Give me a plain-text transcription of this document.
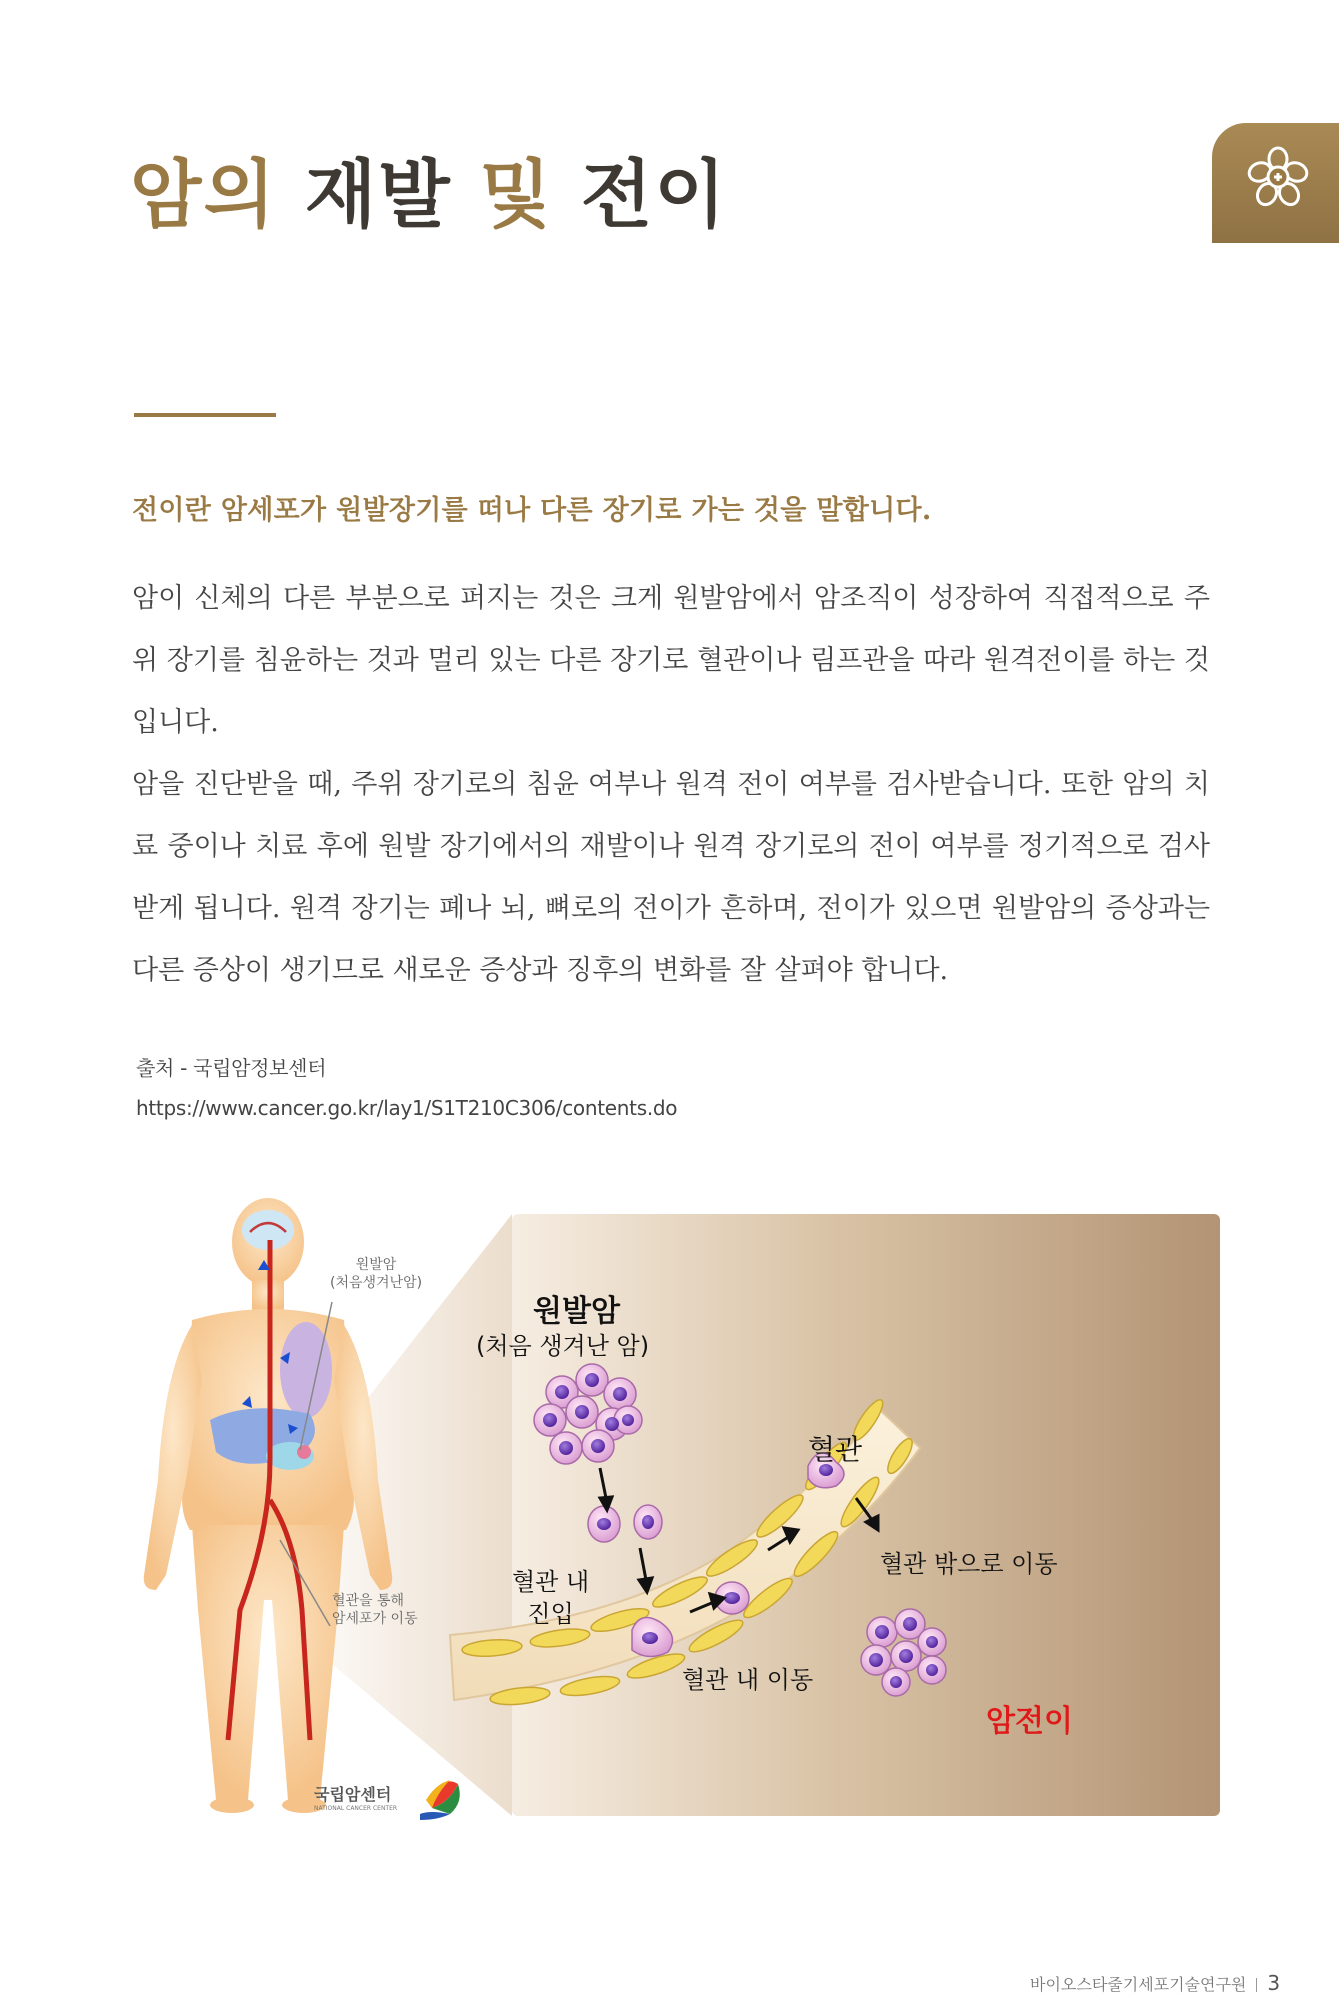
암의 재발 및 전이
전이란 암세포가 원발장기를 떠나 다른 장기로 가는 것을 말합니다.

암이 신체의 다른 부분으로 퍼지는 것은 크게 원발암에서 암조직이 성장하여 직접적으로 주위 장기를 침윤하는 것과 멀리 있는 다른 장기로 혈관이나 림프관을 따라 원격전이를 하는 것입니다.

암을 진단받을 때, 주위 장기로의 침윤 여부나 원격 전이 여부를 검사받습니다. 또한 암의 치료 중이나 치료 후에 원발 장기에서의 재발이나 원격 장기로의 전이 여부를 정기적으로 검사받게 됩니다. 원격 장기는 폐나 뇌, 뼈로의 전이가 흔하며, 전이가 있으면 원발암의 증상과는 다른 증상이 생기므로 새로운 증상과 징후의 변화를 잘 살펴야 합니다.

출처 - 국립암정보센터
https://www.cancer.go.kr/lay1/S1T210C306/contents.do
원발암
(처음생겨난암)
혈관을 통해
암세포가 이동
국립암센터
NATIONAL CANCER CENTER
원발암
(처음 생겨난 암)
혈관
혈관 내
진입
혈관 내 이동
혈관 밖으로 이동
암전이
바이오스타줄기세포기술연구원 3
